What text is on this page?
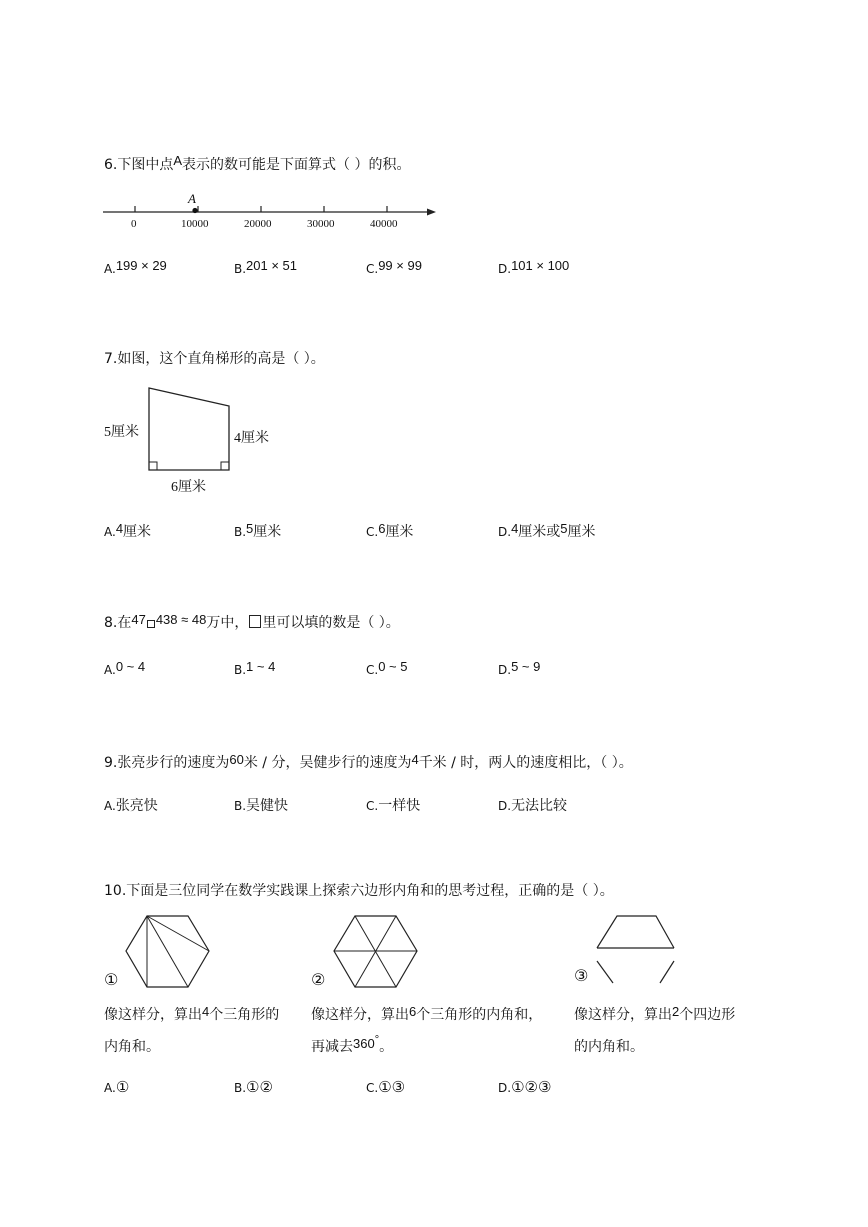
6.下图中点A表示的数可能是下面算式（ ）的积。
A
0	10000	20000	30000	40000
A.199 × 29	B.201 × 51	C.99 × 99	D.101 × 100
7.如图，这个直角梯形的高是（ ）。
5厘米	4厘米
6厘米
A.4厘米	B.5厘米	C.6厘米	D.4厘米或5厘米
8.在47 438 ≈ 48万中， 里可以填的数是（ ）。
A.0 ~ 4	B.1 ~ 4	C.0 ~ 5	D.5 ~ 9
9.张亮步行的速度为60米 / 分，吴健步行的速度为4千米 / 时，两人的速度相比，（ ）。
A.张亮快	B.吴健快	C.一样快	D.无法比较
10.下面是三位同学在数学实践课上探索六边形内角和的思考过程，正确的是（ ）。
①	②	③
像这样分，算出4个三角形的
内角和。
像这样分，算出6个三角形的内角和，
再减去360°。
像这样分，算出2个四边形
的内角和。
A.①	B.①②	C.①③	D.①②③
